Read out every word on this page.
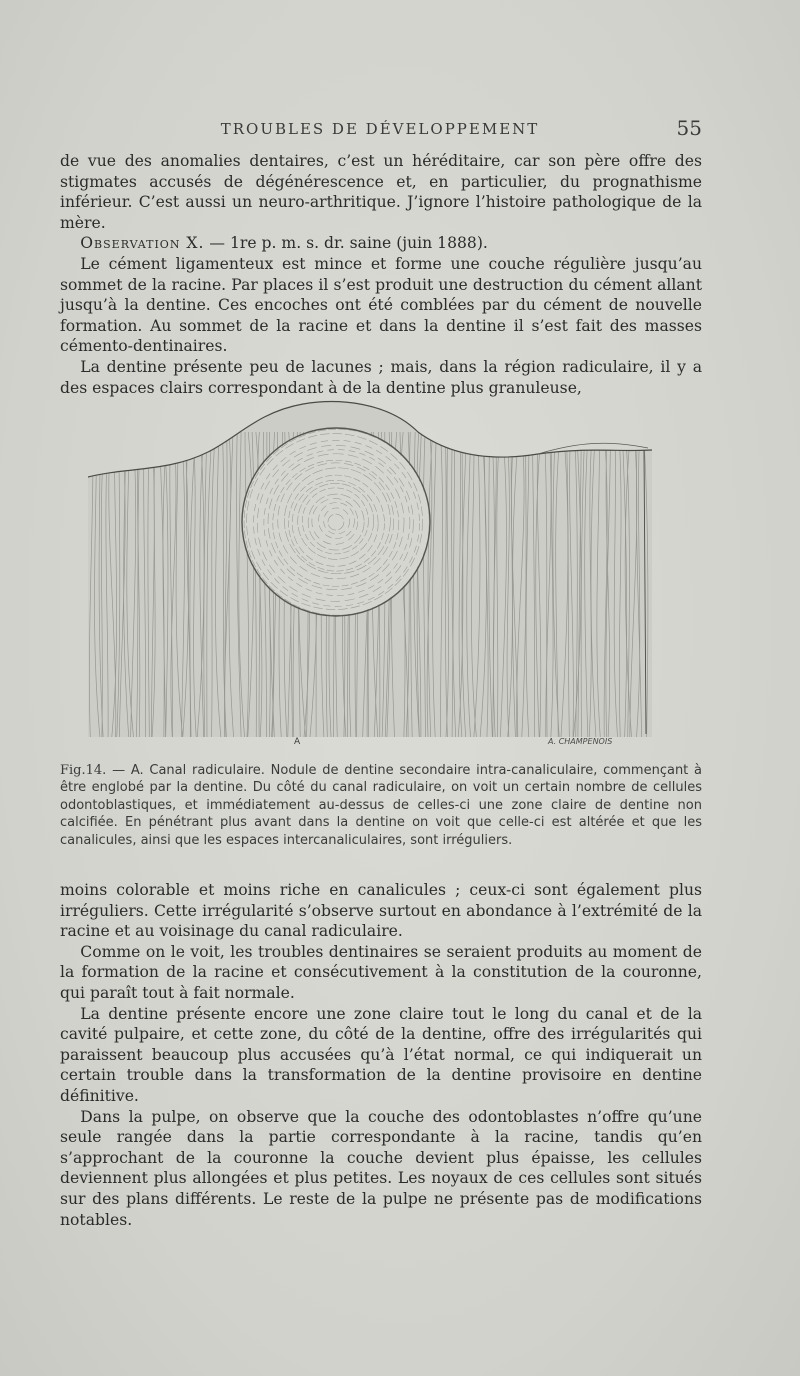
TROUBLES DE DÉVELOPPEMENT	55

de vue des anomalies dentaires, c’est un héréditaire, car son père offre des stigmates accusés de dégénérescence et, en particulier, du prognathisme inférieur. C’est aussi un neuro-arthritique. J’ignore l’histoire pathologique de la mère.

Observation X. — 1re p. m. s. dr. saine (juin 1888).

Le cément ligamenteux est mince et forme une couche régulière jusqu’au sommet de la racine. Par places il s’est produit une destruction du cément allant jusqu’à la dentine. Ces encoches ont été comblées par du cément de nouvelle formation. Au sommet de la racine et dans la dentine il s’est fait des masses cémento-dentinaires.

La dentine présente peu de lacunes ; mais, dans la région radiculaire, il y a des espaces clairs correspondant à de la dentine plus granuleuse,

A	A. CHAMPENOIS
Fig.14. — A. Canal radiculaire. Nodule de dentine secondaire intra-canaliculaire, commençant à être englobé par la dentine. Du côté du canal radiculaire, on voit un certain nombre de cellules odontoblastiques, et immédiatement au-dessus de celles-ci une zone claire de dentine non calcifiée. En pénétrant plus avant dans la dentine on voit que celle-ci est altérée et que les canalicules, ainsi que les espaces intercanaliculaires, sont irréguliers.

moins colorable et moins riche en canalicules ; ceux-ci sont également plus irréguliers. Cette irrégularité s’observe surtout en abondance à l’extrémité de la racine et au voisinage du canal radiculaire.

Comme on le voit, les troubles dentinaires se seraient produits au moment de la formation de la racine et consécutivement à la constitution de la couronne, qui paraît tout à fait normale.

La dentine présente encore une zone claire tout le long du canal et de la cavité pulpaire, et cette zone, du côté de la dentine, offre des irrégularités qui paraissent beaucoup plus accusées qu’à l’état normal, ce qui indiquerait un certain trouble dans la transformation de la dentine provisoire en dentine définitive.

Dans la pulpe, on observe que la couche des odontoblastes n’offre qu’une seule rangée dans la partie correspondante à la racine, tandis qu’en s’approchant de la couronne la couche devient plus épaisse, les cellules deviennent plus allongées et plus petites. Les noyaux de ces cellules sont situés sur des plans différents. Le reste de la pulpe ne présente pas de modifications notables.
